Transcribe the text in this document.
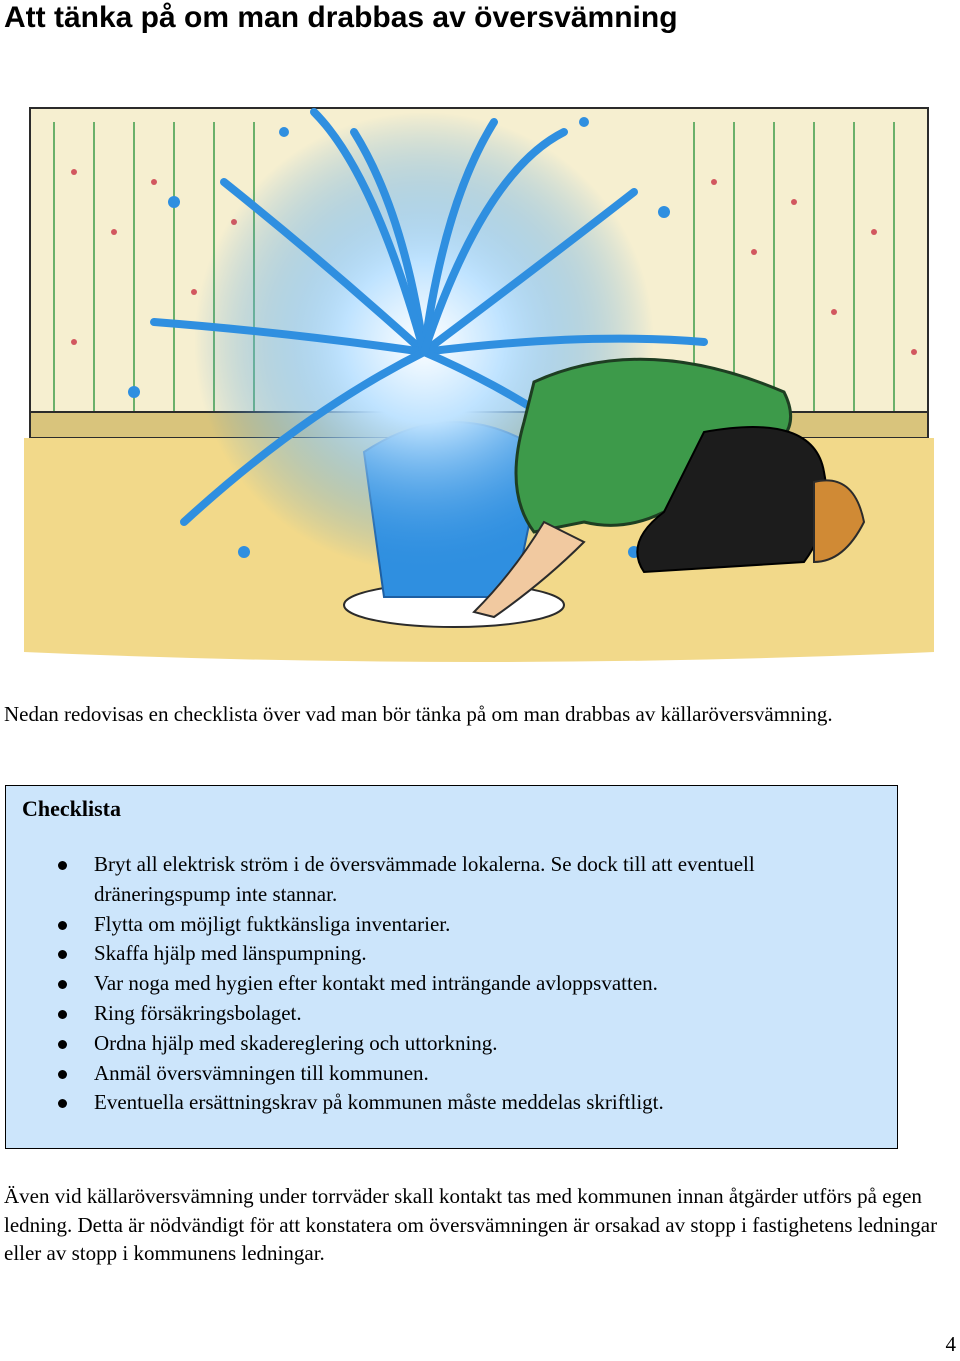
Att tänka på om man drabbas av översvämning

Nedan redovisas en checklista över vad man bör tänka på om man drabbas av källaröversvämning.

Checklista
Bryt all elektrisk ström i de översvämmade lokalerna. Se dock till att eventuell dräneringspump inte stannar.
Flytta om möjligt fuktkänsliga inventarier.
Skaffa hjälp med länspumpning.
Var noga med hygien efter kontakt med inträngande avloppsvatten.
Ring försäkringsbolaget.
Ordna hjälp med skadereglering och uttorkning.
Anmäl översvämningen till kommunen.
Eventuella ersättningskrav på kommunen måste meddelas skriftligt.

Även vid källaröversvämning under torrväder skall kontakt tas med kommunen innan åtgärder utförs på egen ledning. Detta är nödvändigt för att konstatera om översvämningen är orsakad av stopp i fastighetens ledningar eller av stopp i kommunens ledningar.

4
